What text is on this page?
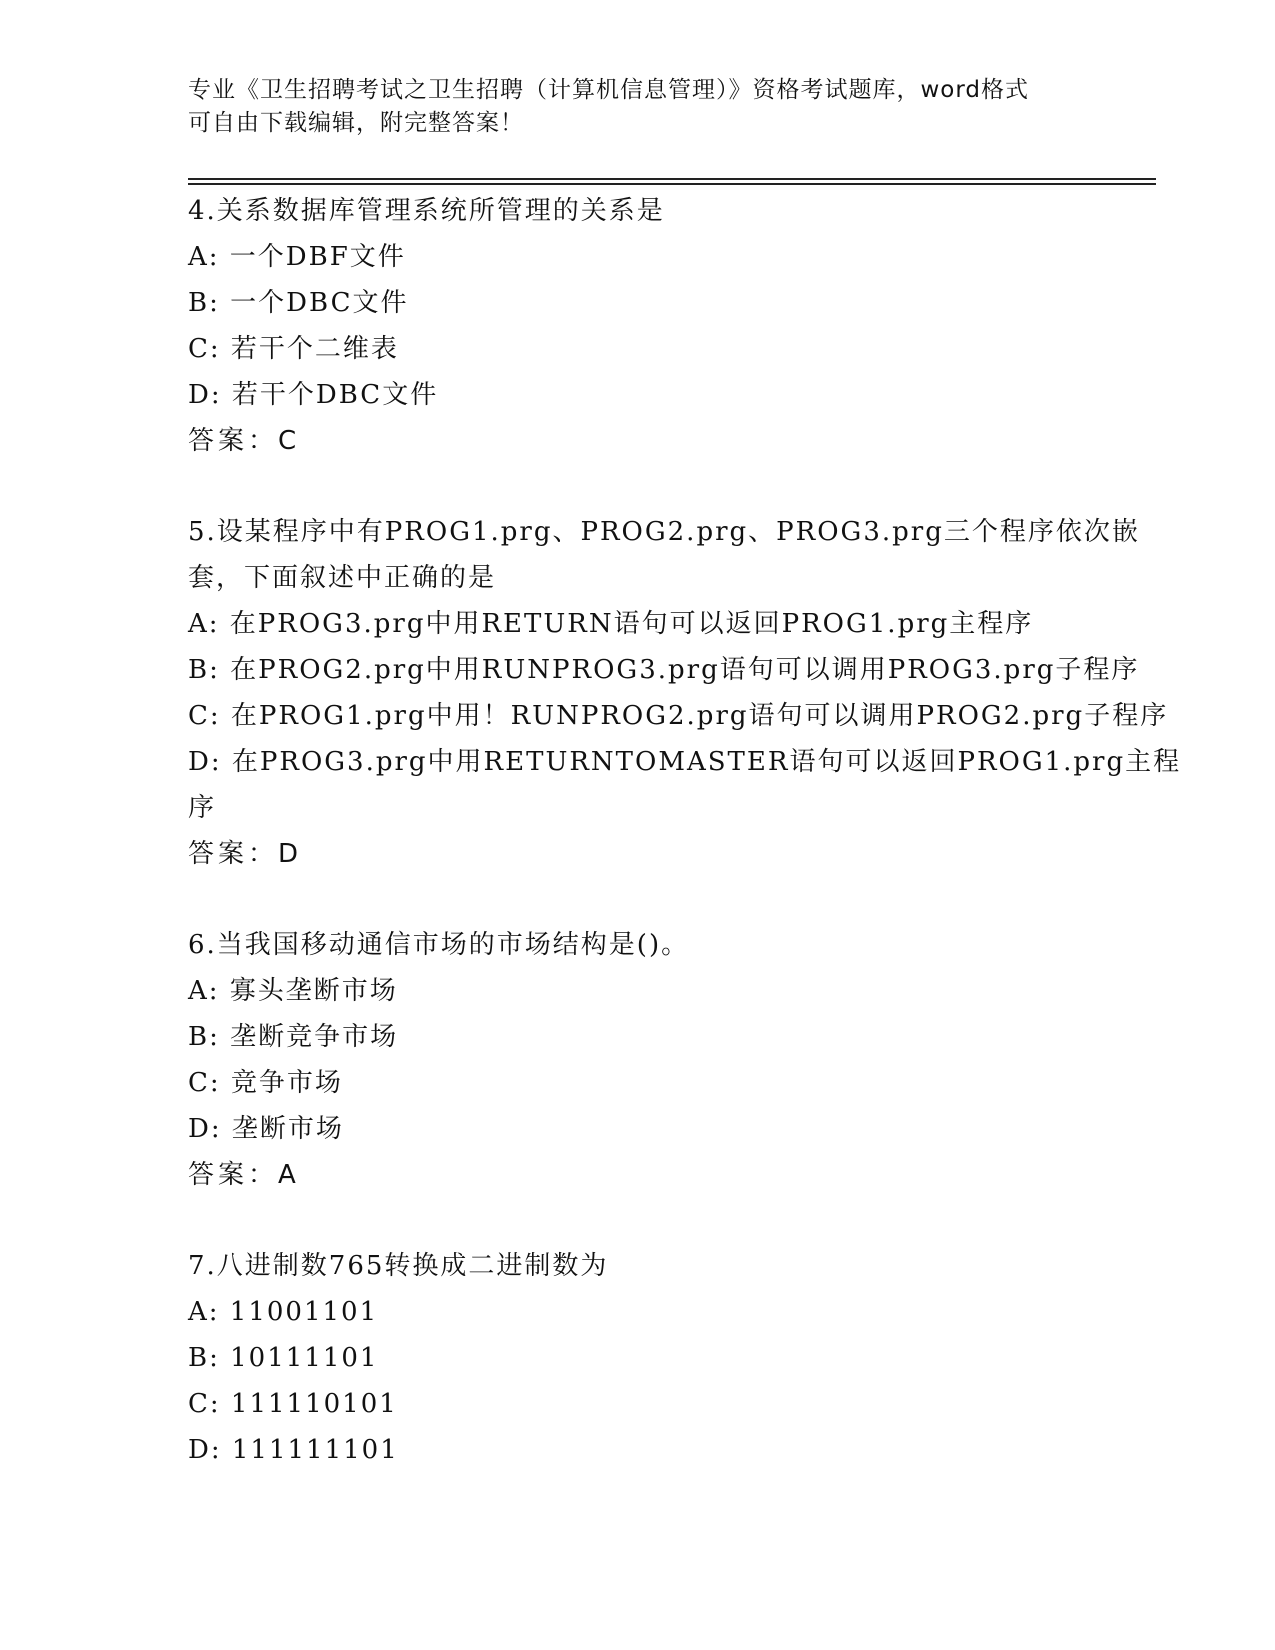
专业《卫生招聘考试之卫生招聘（计算机信息管理）》资格考试题库，word格式
可自由下载编辑，附完整答案！
4.关系数据库管理系统所管理的关系是
A: 一个DBF文件
B: 一个DBC文件
C: 若干个二维表
D: 若干个DBC文件
答案：C
5.设某程序中有PROG1.prg、PROG2.prg、PROG3.prg三个程序依次嵌
套，下面叙述中正确的是
A: 在PROG3.prg中用RETURN语句可以返回PROG1.prg主程序
B: 在PROG2.prg中用RUNPROG3.prg语句可以调用PROG3.prg子程序
C: 在PROG1.prg中用！RUNPROG2.prg语句可以调用PROG2.prg子程序
D: 在PROG3.prg中用RETURNTOMASTER语句可以返回PROG1.prg主程
序
答案：D
6.当我国移动通信市场的市场结构是()。
A: 寡头垄断市场
B: 垄断竞争市场
C: 竞争市场
D: 垄断市场
答案：A
7.八进制数765转换成二进制数为
A: 11001101
B: 10111101
C: 111110101
D: 111111101
